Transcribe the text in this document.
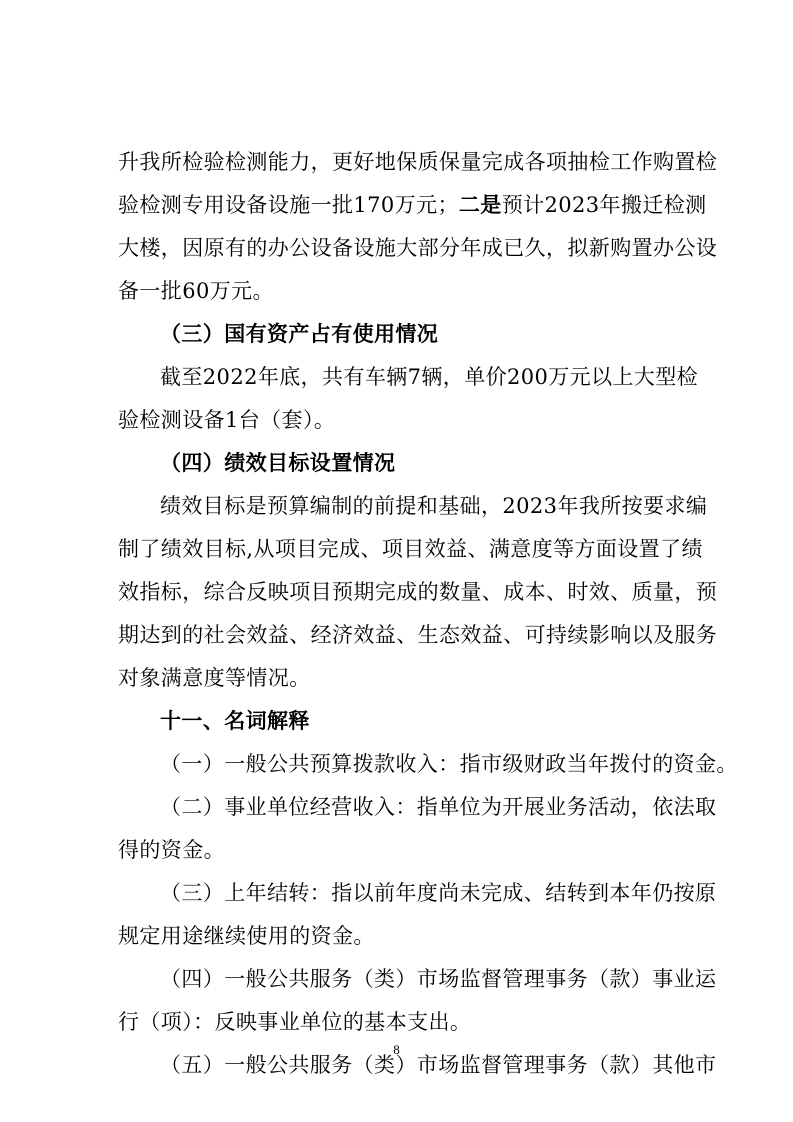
升我所检验检测能力，更好地保质保量完成各项抽检工作购置检
验检测专用设备设施一批170万元；二是预计2023年搬迁检测
大楼，因原有的办公设备设施大部分年成已久，拟新购置办公设
备一批60万元。
（三）国有资产占有使用情况
截至2022年底，共有车辆7辆，单价200万元以上大型检
验检测设备1台（套）。
（四）绩效目标设置情况
绩效目标是预算编制的前提和基础，2023年我所按要求编
制了绩效目标,从项目完成、项目效益、满意度等方面设置了绩
效指标，综合反映项目预期完成的数量、成本、时效、质量，预
期达到的社会效益、经济效益、生态效益、可持续影响以及服务
对象满意度等情况。
十一、名词解释
（一）一般公共预算拨款收入：指市级财政当年拨付的资金。
（二）事业单位经营收入：指单位为开展业务活动，依法取
得的资金。
（三）上年结转：指以前年度尚未完成、结转到本年仍按原
规定用途继续使用的资金。
（四）一般公共服务（类）市场监督管理事务（款）事业运
行（项）：反映事业单位的基本支出。
（五）一般公共服务（类）市场监督管理事务（款）其他市
8
